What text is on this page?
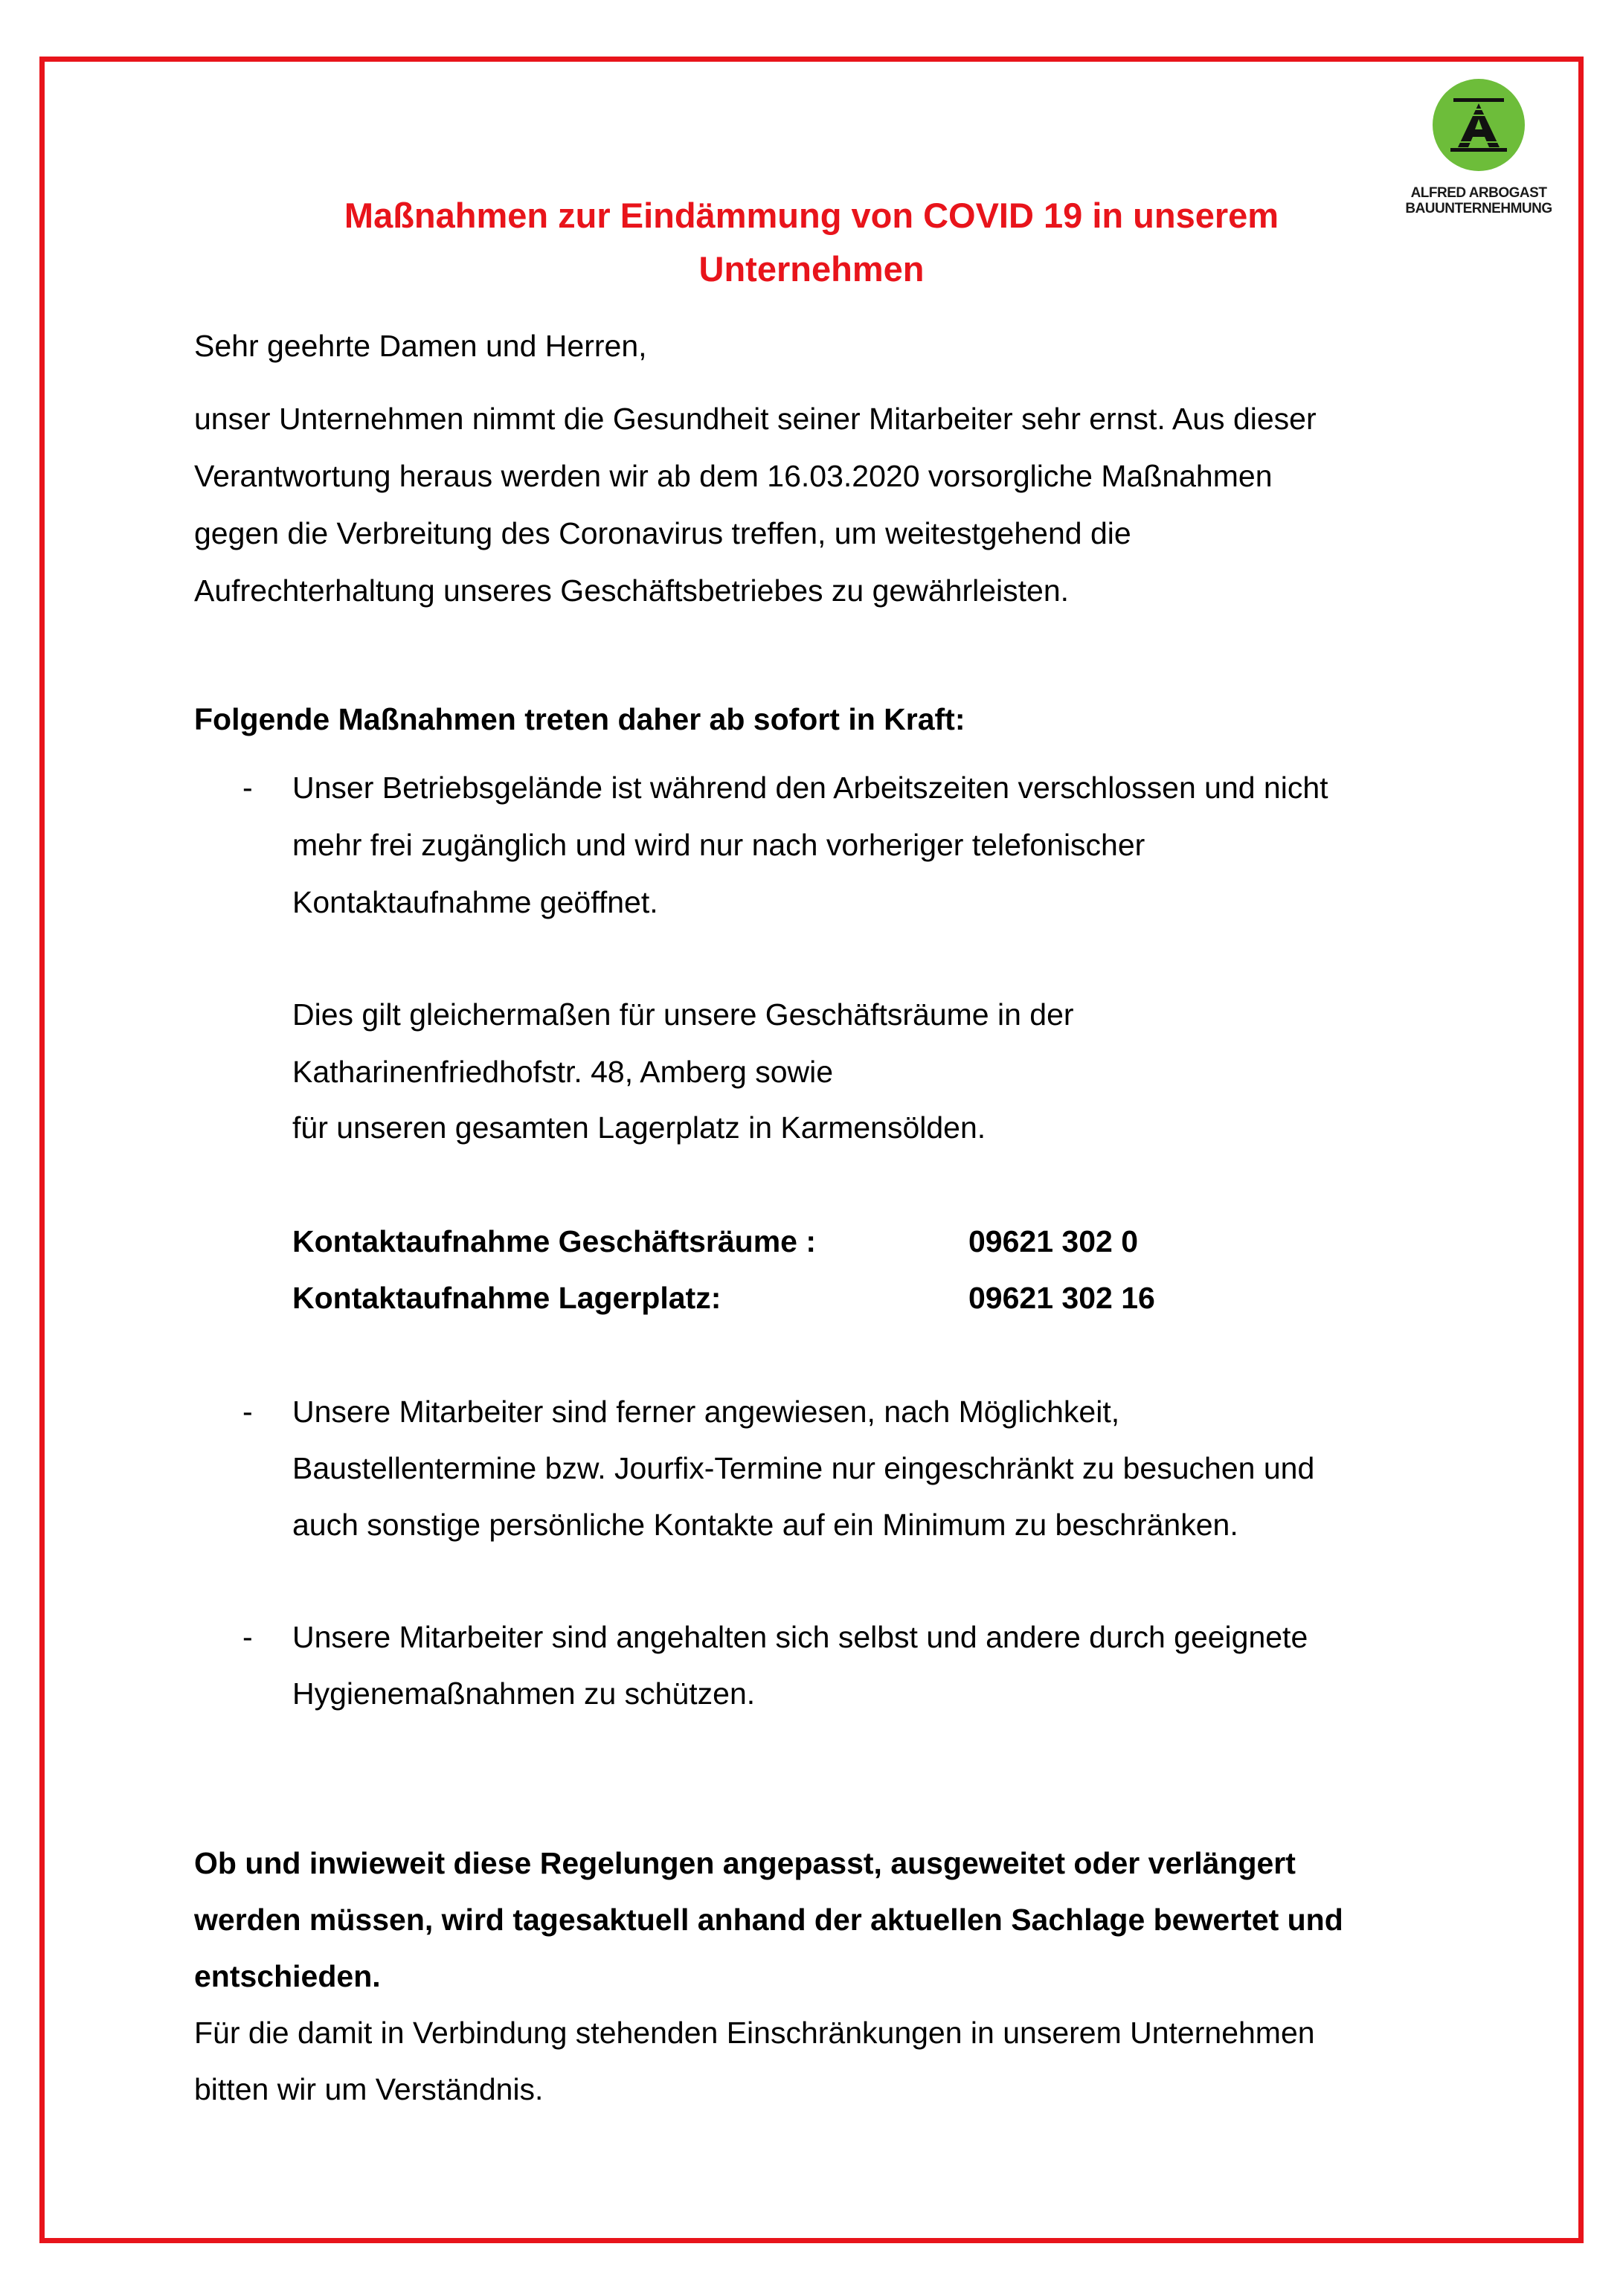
ALFRED ARBOGAST
BAUUNTERNEHMUNG
Maßnahmen zur Eindämmung von COVID 19 in unserem
Unternehmen
Sehr geehrte Damen und Herren,
unser Unternehmen nimmt die Gesundheit seiner Mitarbeiter sehr ernst. Aus dieser
Verantwortung heraus werden wir ab dem 16.03.2020 vorsorgliche Maßnahmen
gegen die Verbreitung des Coronavirus treffen, um weitestgehend die
Aufrechterhaltung unseres Geschäftsbetriebes zu gewährleisten.
Folgende Maßnahmen treten daher ab sofort in Kraft:
- Unser Betriebsgelände ist während den Arbeitszeiten verschlossen und nicht
mehr frei zugänglich und wird nur nach vorheriger telefonischer
Kontaktaufnahme geöffnet.
Dies gilt gleichermaßen für unsere Geschäftsräume in der
Katharinenfriedhofstr. 48, Amberg sowie
für unseren gesamten Lagerplatz in Karmensölden.
Kontaktaufnahme Geschäftsräume :	09621 302 0
Kontaktaufnahme Lagerplatz:	09621 302 16
- Unsere Mitarbeiter sind ferner angewiesen, nach Möglichkeit,
Baustellentermine bzw. Jourfix-Termine nur eingeschränkt zu besuchen und
auch sonstige persönliche Kontakte auf ein Minimum zu beschränken.
- Unsere Mitarbeiter sind angehalten sich selbst und andere durch geeignete
Hygienemaßnahmen zu schützen.
Ob und inwieweit diese Regelungen angepasst, ausgeweitet oder verlängert
werden müssen, wird tagesaktuell anhand der aktuellen Sachlage bewertet und
entschieden.
Für die damit in Verbindung stehenden Einschränkungen in unserem Unternehmen
bitten wir um Verständnis.
